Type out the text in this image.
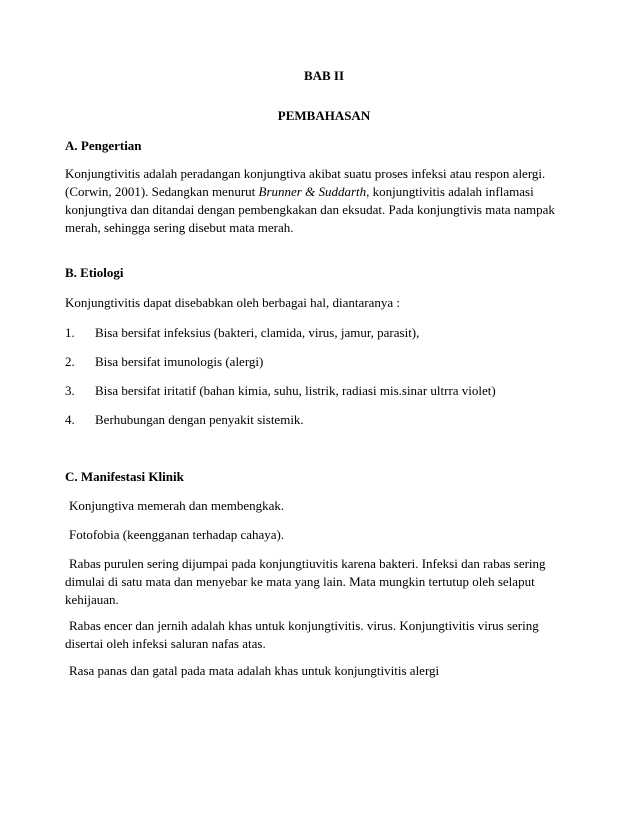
BAB II
PEMBAHASAN
A. Pengertian
Konjungtivitis adalah peradangan konjungtiva akibat suatu proses infeksi atau respon alergi.
(Corwin, 2001). Sedangkan menurut Brunner & Suddarth, konjungtivitis adalah inflamasi
konjungtiva dan ditandai dengan pembengkakan dan eksudat. Pada konjungtivis mata nampak
merah, sehingga sering disebut mata merah.
B. Etiologi
Konjungtivitis dapat disebabkan oleh berbagai hal, diantaranya :
1. Bisa bersifat infeksius (bakteri, clamida, virus, jamur, parasit),
2. Bisa bersifat imunologis (alergi)
3. Bisa bersifat iritatif (bahan kimia, suhu, listrik, radiasi mis.sinar ultrra violet)
4. Berhubungan dengan penyakit sistemik.
C. Manifestasi Klinik
Konjungtiva memerah dan membengkak.
Fotofobia (keengganan terhadap cahaya).
Rabas purulen sering dijumpai pada konjungtiuvitis karena bakteri. Infeksi dan rabas sering
dimulai di satu mata dan menyebar ke mata yang lain. Mata mungkin tertutup oleh selaput
kehijauan.
Rabas encer dan jernih adalah khas untuk konjungtivitis. virus. Konjungtivitis virus sering
disertai oleh infeksi saluran nafas atas.
Rasa panas dan gatal pada mata adalah khas untuk konjungtivitis alergi
